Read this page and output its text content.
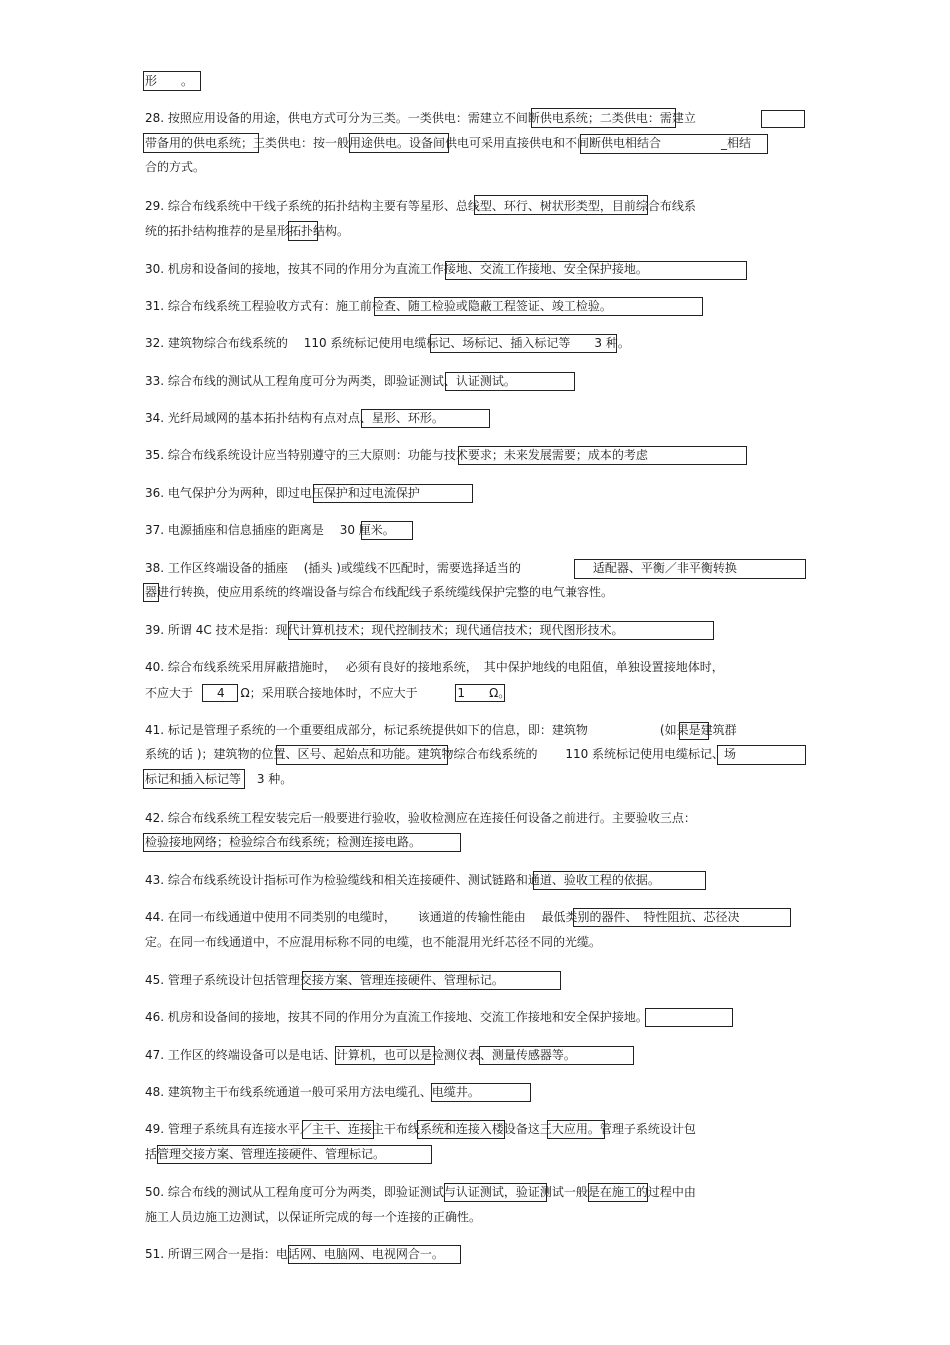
形　　。
28. 按照应用设备的用途，供电方式可分为三类。一类供电：需建立不间断供电系统；二类供电：需建立
带备用的供电系统；三类供电：按一般用途供电。设备间供电可采用直接供电和不间断供电相结合　　　　　_相结
合的方式。
29. 综合布线系统中干线子系统的拓扑结构主要有等星形、总线型、环行、树状形类型，目前综合布线系
统的拓扑结构推荐的是星形拓扑结构。
30. 机房和设备间的接地，按其不同的作用分为直流工作接地、交流工作接地、安全保护接地。
31. 综合布线系统工程验收方式有：施工前检查、随工检验或隐蔽工程签证、竣工检验。
32. 建筑物综合布线系统的　 110 系统标记使用电缆标记、场标记、插入标记等　　3 种。
33. 综合布线的测试从工程角度可分为两类，即验证测试、认证测试。
34. 光纤局域网的基本拓扑结构有点对点、星形、环形。
35. 综合布线系统设计应当特别遵守的三大原则：功能与技术要求；未来发展需要；成本的考虑
36. 电气保护分为两种，即过电压保护和过电流保护
37. 电源插座和信息插座的距离是　 30 厘米。
38. 工作区终端设备的插座　 (插头 )或缆线不匹配时，需要选择适当的　　　　　　适配器、平衡／非平衡转换
器进行转换，使应用系统的终端设备与综合布线配线子系统缆线保护完整的电气兼容性。
39. 所谓 4C 技术是指：现代计算机技术；现代控制技术；现代通信技术；现代图形技术。
40. 综合布线系统采用屏蔽措施时，　 必须有良好的接地系统，　其中保护地线的电阻值，单独设置接地体时，
不应大于　　4　 Ω；采用联合接地体时，不应大于　　　 1　　Ω。
41. 标记是管理子系统的一个重要组成部分，标记系统提供如下的信息，即：建筑物　　　　　　(如果是建筑群
系统的话 )；建筑物的位置、区号、起始点和功能。建筑物综合布线系统的　　 110 系统标记使用电缆标记、场
标记和插入标记等　 3 种。
42. 综合布线系统工程安装完后一般要进行验收，验收检测应在连接任何设备之前进行。主要验收三点：
检验接地网络；检验综合布线系统；检测连接电路。
43. 综合布线系统设计指标可作为检验缆线和相关连接硬件、测试链路和通道、验收工程的依据。
44. 在同一布线通道中使用不同类别的电缆时，　　 该通道的传输性能由　 最低类别的器件、　特性阻抗、芯径决
定。在同一布线通道中，不应混用标称不同的电缆，也不能混用光纤芯径不同的光缆。
45. 管理子系统设计包括管理交接方案、管理连接硬件、管理标记。
46. 机房和设备间的接地，按其不同的作用分为直流工作接地、交流工作接地和安全保护接地。
47. 工作区的终端设备可以是电话、计算机，也可以是检测仪表、测量传感器等。
48. 建筑物主干布线系统通道一般可采用方法电缆孔、电缆井。
49. 管理子系统具有连接水平／主干、连接主干布线系统和连接入楼设备这三大应用。管理子系统设计包
括管理交接方案、管理连接硬件、管理标记。
50. 综合布线的测试从工程角度可分为两类，即验证测试与认证测试，验证测试一般是在施工的过程中由
施工人员边施工边测试，以保证所完成的每一个连接的正确性。
51. 所谓三网合一是指：电话网、电脑网、电视网合一。
